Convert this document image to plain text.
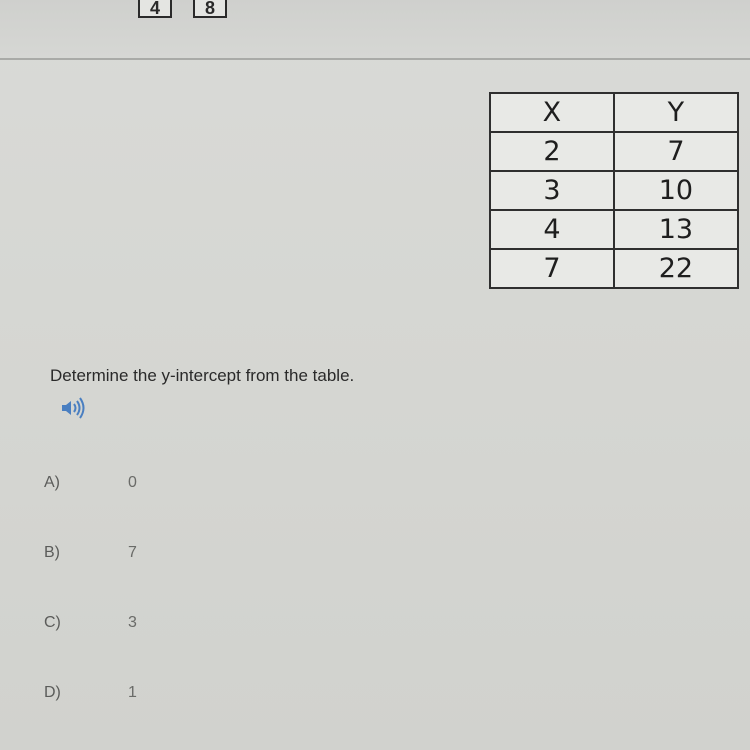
4	8
X	Y
2	7
3	10
4	13
7	22
Determine the y-intercept from the table.
A)	0
B)	7
C)	3
D)	1
